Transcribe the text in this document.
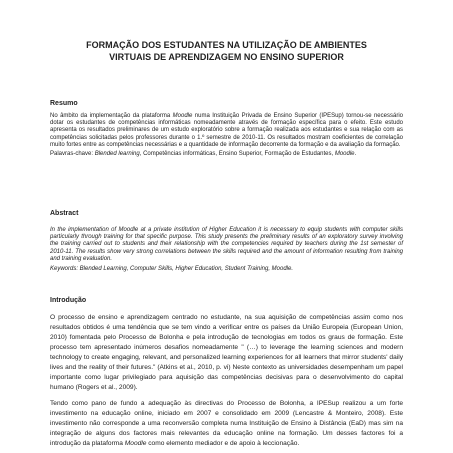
FORMAÇÃO DOS ESTUDANTES NA UTILIZAÇÃO DE AMBIENTES
VIRTUAIS DE APRENDIZAGEM NO ENSINO SUPERIOR
Resumo

No âmbito da implementação da plataforma Moodle numa Instituição Privada de Ensino Superior (IPESup) tornou-se necessário dotar os estudantes de competências informáticas nomeadamente através de formação específica para o efeito. Este estudo apresenta os resultados preliminares de um estudo exploratório sobre a formação realizada aos estudantes e sua relação com as competências solicitadas pelos professores durante o 1.º semestre de 2010-11. Os resultados mostram coeficientes de correlação muito fortes entre as competências necessárias e a quantidade de informação decorrente da formação e da avaliação da formação.

Palavras-chave: Blended learning, Competências informáticas, Ensino Superior, Formação de Estudantes, Moodle.

Abstract

In the implementation of Moodle at a private institution of Higher Education it is necessary to equip students with computer skills particularly through training for that specific purpose. This study presents the preliminary results of an exploratory survey involving the training carried out to students and their relationship with the competencies required by teachers during the 1st semester of 2010-11. The results show very strong correlations between the skills required and the amount of information resulting from training and training evaluation.

Keywords: Blended Learning, Computer Skills, Higher Education, Student Training, Moodle.

Introdução

O processo de ensino e aprendizagem centrado no estudante, na sua aquisição de competências assim como nos resultados obtidos é uma tendência que se tem vindo a verificar entre os países da União Europeia (European Union, 2010) fomentada pelo Processo de Bolonha e pela introdução de tecnologias em todos os graus de formação. Este processo tem apresentado inúmeros desafios nomeadamente " (…) to leverage the learning sciences and modern technology to create engaging, relevant, and personalized learning experiences for all learners that mirror students' daily lives and the reality of their futures." (Atkins et al., 2010, p. vi) Neste contexto as universidades desempenham um papel importante como lugar privilegiado para aquisição das competências decisivas para o desenvolvimento do capital humano (Rogers et al., 2009).

Tendo como pano de fundo a adequação às directivas do Processo de Bolonha, a IPESup realizou a um forte investimento na educação online, iniciado em 2007 e consolidado em 2009 (Lencastre & Monteiro, 2008). Este investimento não corresponde a uma reconversão completa numa Instituição de Ensino à Distância (EaD) mas sim na integração de alguns dos factores mais relevantes da educação online na formação. Um desses factores foi a introdução da plataforma Moodle como elemento mediador e de apoio à leccionação.
